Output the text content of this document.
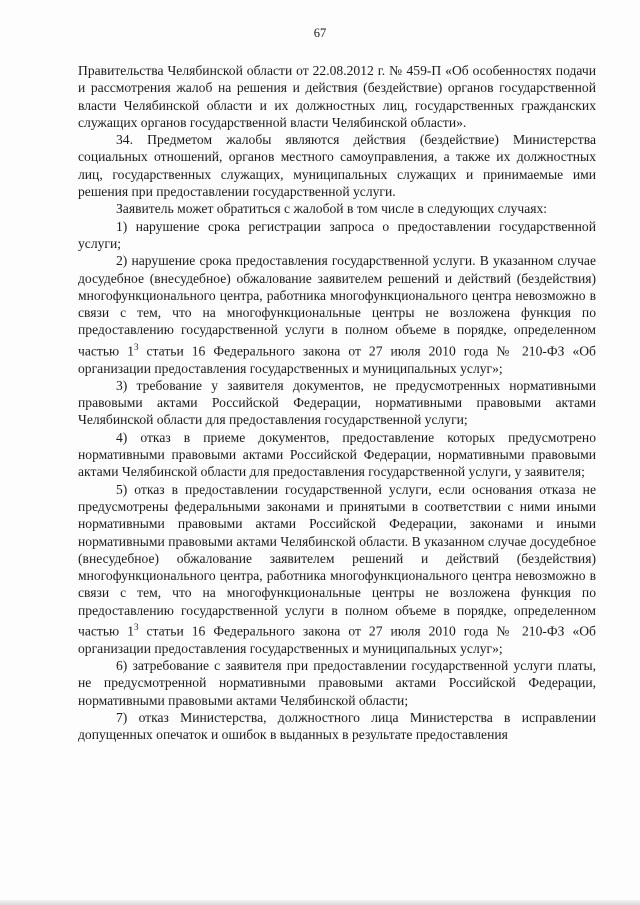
67

Правительства Челябинской области от 22.08.2012 г. № 459-П «Об особенностях подачи и рассмотрения жалоб на решения и действия (бездействие) органов государственной власти Челябинской области и их должностных лиц, государственных гражданских служащих органов государственной власти Челябинской области».

34. Предметом жалобы являются действия (бездействие) Министерства социальных отношений, органов местного самоуправления, а также их должностных лиц, государственных служащих, муниципальных служащих и принимаемые ими решения при предоставлении государственной услуги.

Заявитель может обратиться с жалобой в том числе в следующих случаях:

1) нарушение срока регистрации запроса о предоставлении государственной услуги;

2) нарушение срока предоставления государственной услуги. В указанном случае досудебное (внесудебное) обжалование заявителем решений и действий (бездействия) многофункционального центра, работника многофункционального центра невозможно в связи с тем, что на многофункциональные центры не возложена функция по предоставлению государственной услуги в полном объеме в порядке, определенном частью $1^3$ статьи 16 Федерального закона от 27 июля 2010 года № 210-ФЗ «Об организации предоставления государственных и муниципальных услуг»;

3) требование у заявителя документов, не предусмотренных нормативными правовыми актами Российской Федерации, нормативными правовыми актами Челябинской области для предоставления государственной услуги;

4) отказ в приеме документов, предоставление которых предусмотрено нормативными правовыми актами Российской Федерации, нормативными правовыми актами Челябинской области для предоставления государственной услуги, у заявителя;

5) отказ в предоставлении государственной услуги, если основания отказа не предусмотрены федеральными законами и принятыми в соответствии с ними иными нормативными правовыми актами Российской Федерации, законами и иными нормативными правовыми актами Челябинской области. В указанном случае досудебное (внесудебное) обжалование заявителем решений и действий (бездействия) многофункционального центра, работника многофункционального центра невозможно в связи с тем, что на многофункциональные центры не возложена функция по предоставлению государственной услуги в полном объеме в порядке, определенном частью $1^3$ статьи 16 Федерального закона от 27 июля 2010 года № 210-ФЗ «Об организации предоставления государственных и муниципальных услуг»;

6) затребование с заявителя при предоставлении государственной услуги платы, не предусмотренной нормативными правовыми актами Российской Федерации, нормативными правовыми актами Челябинской области;

7) отказ Министерства, должностного лица Министерства в исправлении допущенных опечаток и ошибок в выданных в результате предоставления
